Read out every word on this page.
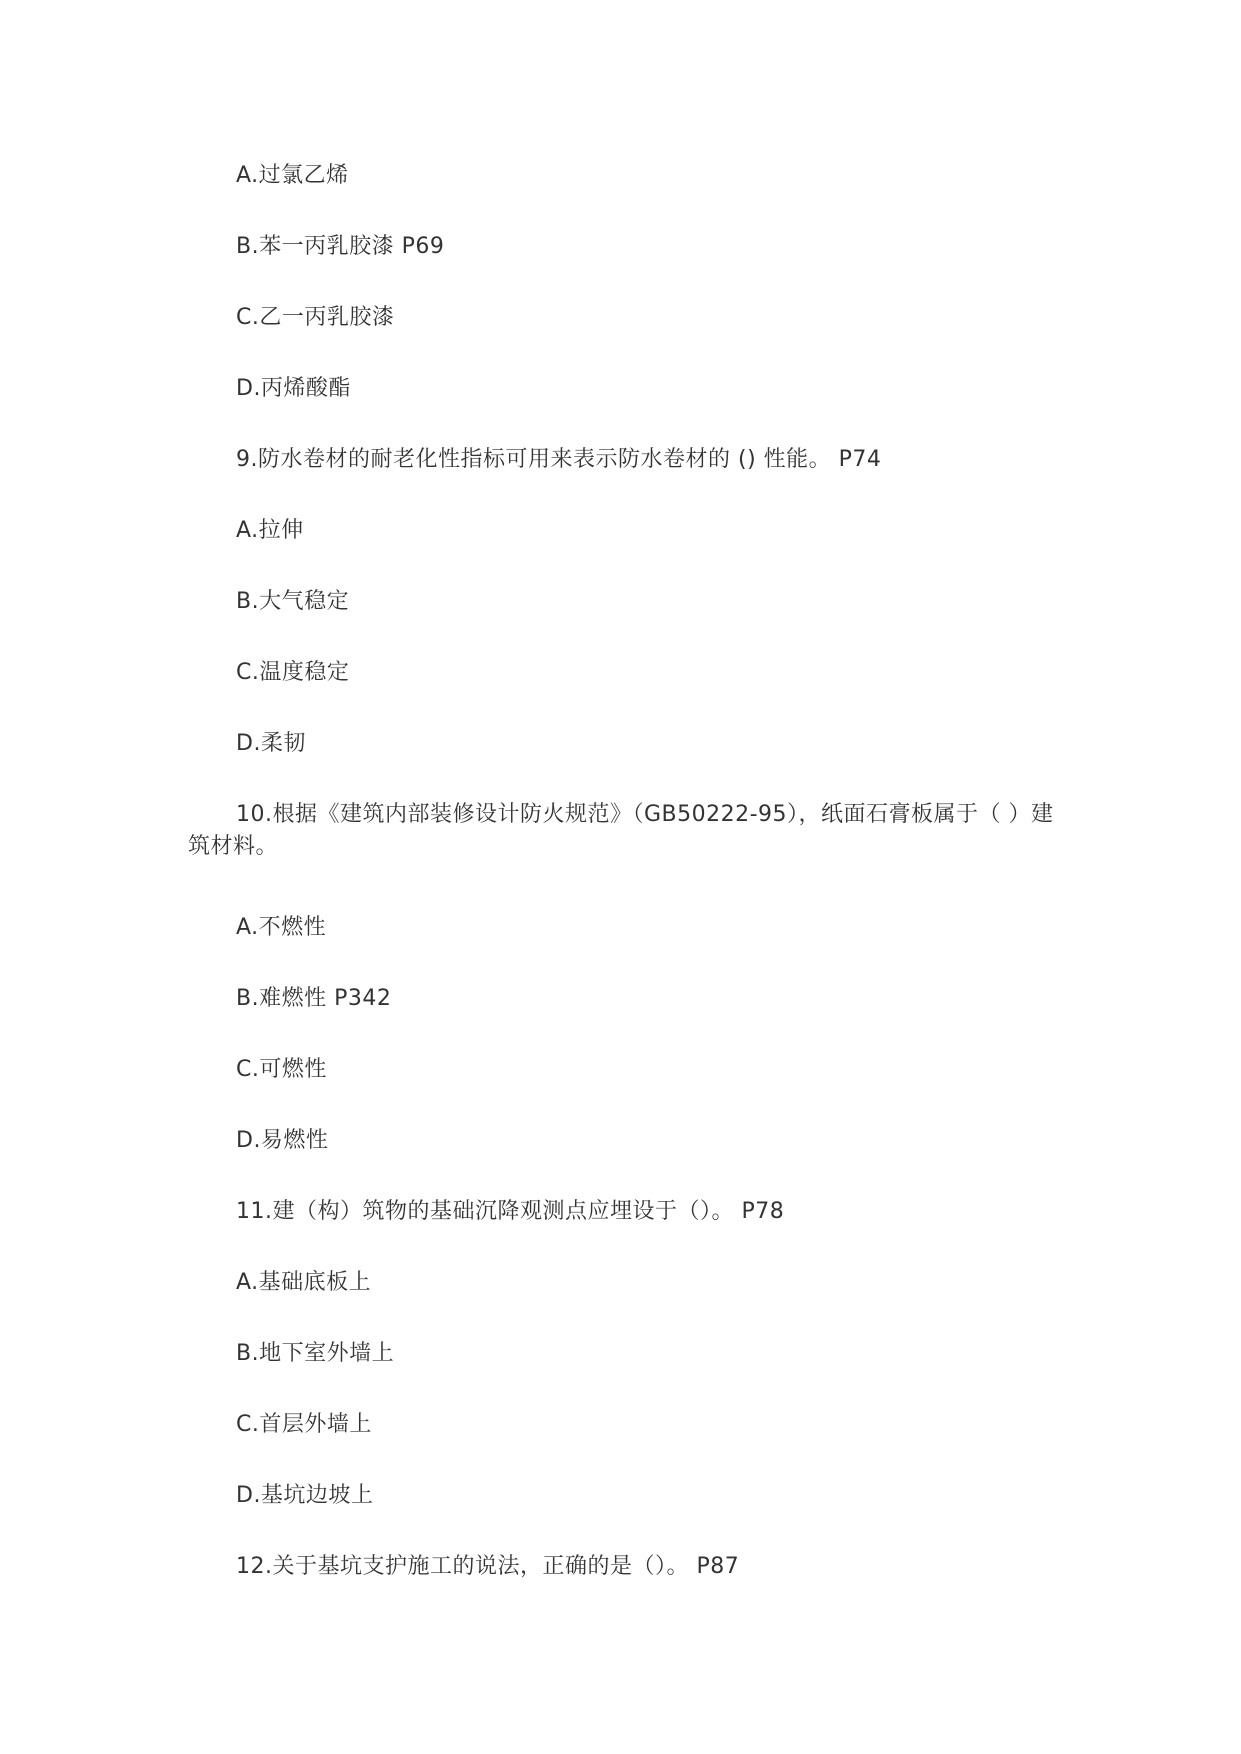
A.过氯乙烯
B.苯一丙乳胶漆 P69
C.乙一丙乳胶漆
D.丙烯酸酯
9.防水卷材的耐老化性指标可用来表示防水卷材的 () 性能。 P74
A.拉伸
B.大气稳定
C.温度稳定
D.柔韧
10.根据《建筑内部装修设计防火规范》（GB50222-95），纸面石膏板属于（ ）建筑材料。
A.不燃性
B.难燃性 P342
C.可燃性
D.易燃性
11.建（构）筑物的基础沉降观测点应埋设于（）。 P78
A.基础底板上
B.地下室外墙上
C.首层外墙上
D.基坑边坡上
12.关于基坑支护施工的说法，正确的是（）。 P87
